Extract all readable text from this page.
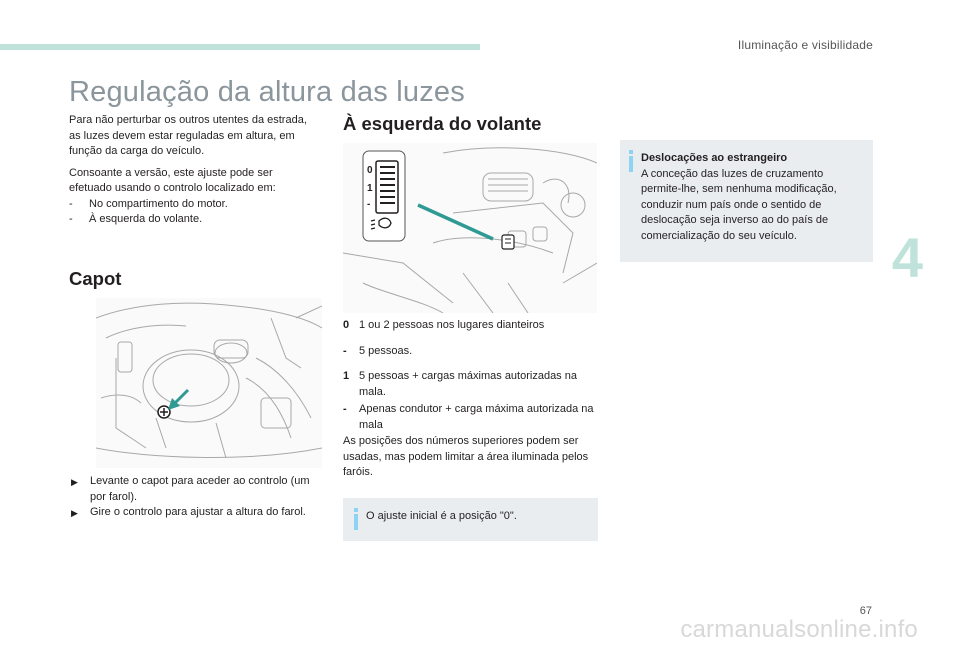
Iluminação e visibilidade
Regulação da altura das luzes
Para não perturbar os outros utentes da estrada, as luzes devem estar reguladas em altura, em função da carga do veículo.
Consoante a versão, este ajuste pode ser efetuado usando o controlo localizado em:
- No compartimento do motor.
- À esquerda do volante.
Capot
▶ Levante o capot para aceder ao controlo (um por farol).
▶ Gire o controlo para ajustar a altura do farol.
À esquerda do volante
0
1
-
0 1 ou 2 pessoas nos lugares dianteiros
- 5 pessoas.
1 5 pessoas + cargas máximas autorizadas na mala.
- Apenas condutor + carga máxima autorizada na mala
As posições dos números superiores podem ser usadas, mas podem limitar a área iluminada pelos faróis.
O ajuste inicial é a posição "0".
Deslocações ao estrangeiro
A conceção das luzes de cruzamento permite-lhe, sem nenhuma modificação, conduzir num país onde o sentido de deslocação seja inverso ao do país de comercialização do seu veículo.	4
67
carmanualsonline.info
